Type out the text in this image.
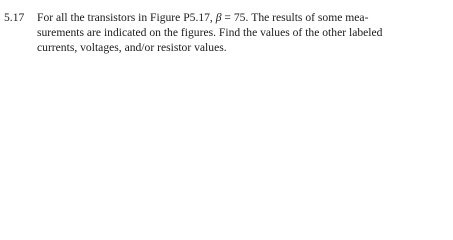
5.17 For all the transistors in Figure P5.17, β = 75. The results of some mea-
surements are indicated on the figures. Find the values of the other labeled
currents, voltages, and/or resistor values.
